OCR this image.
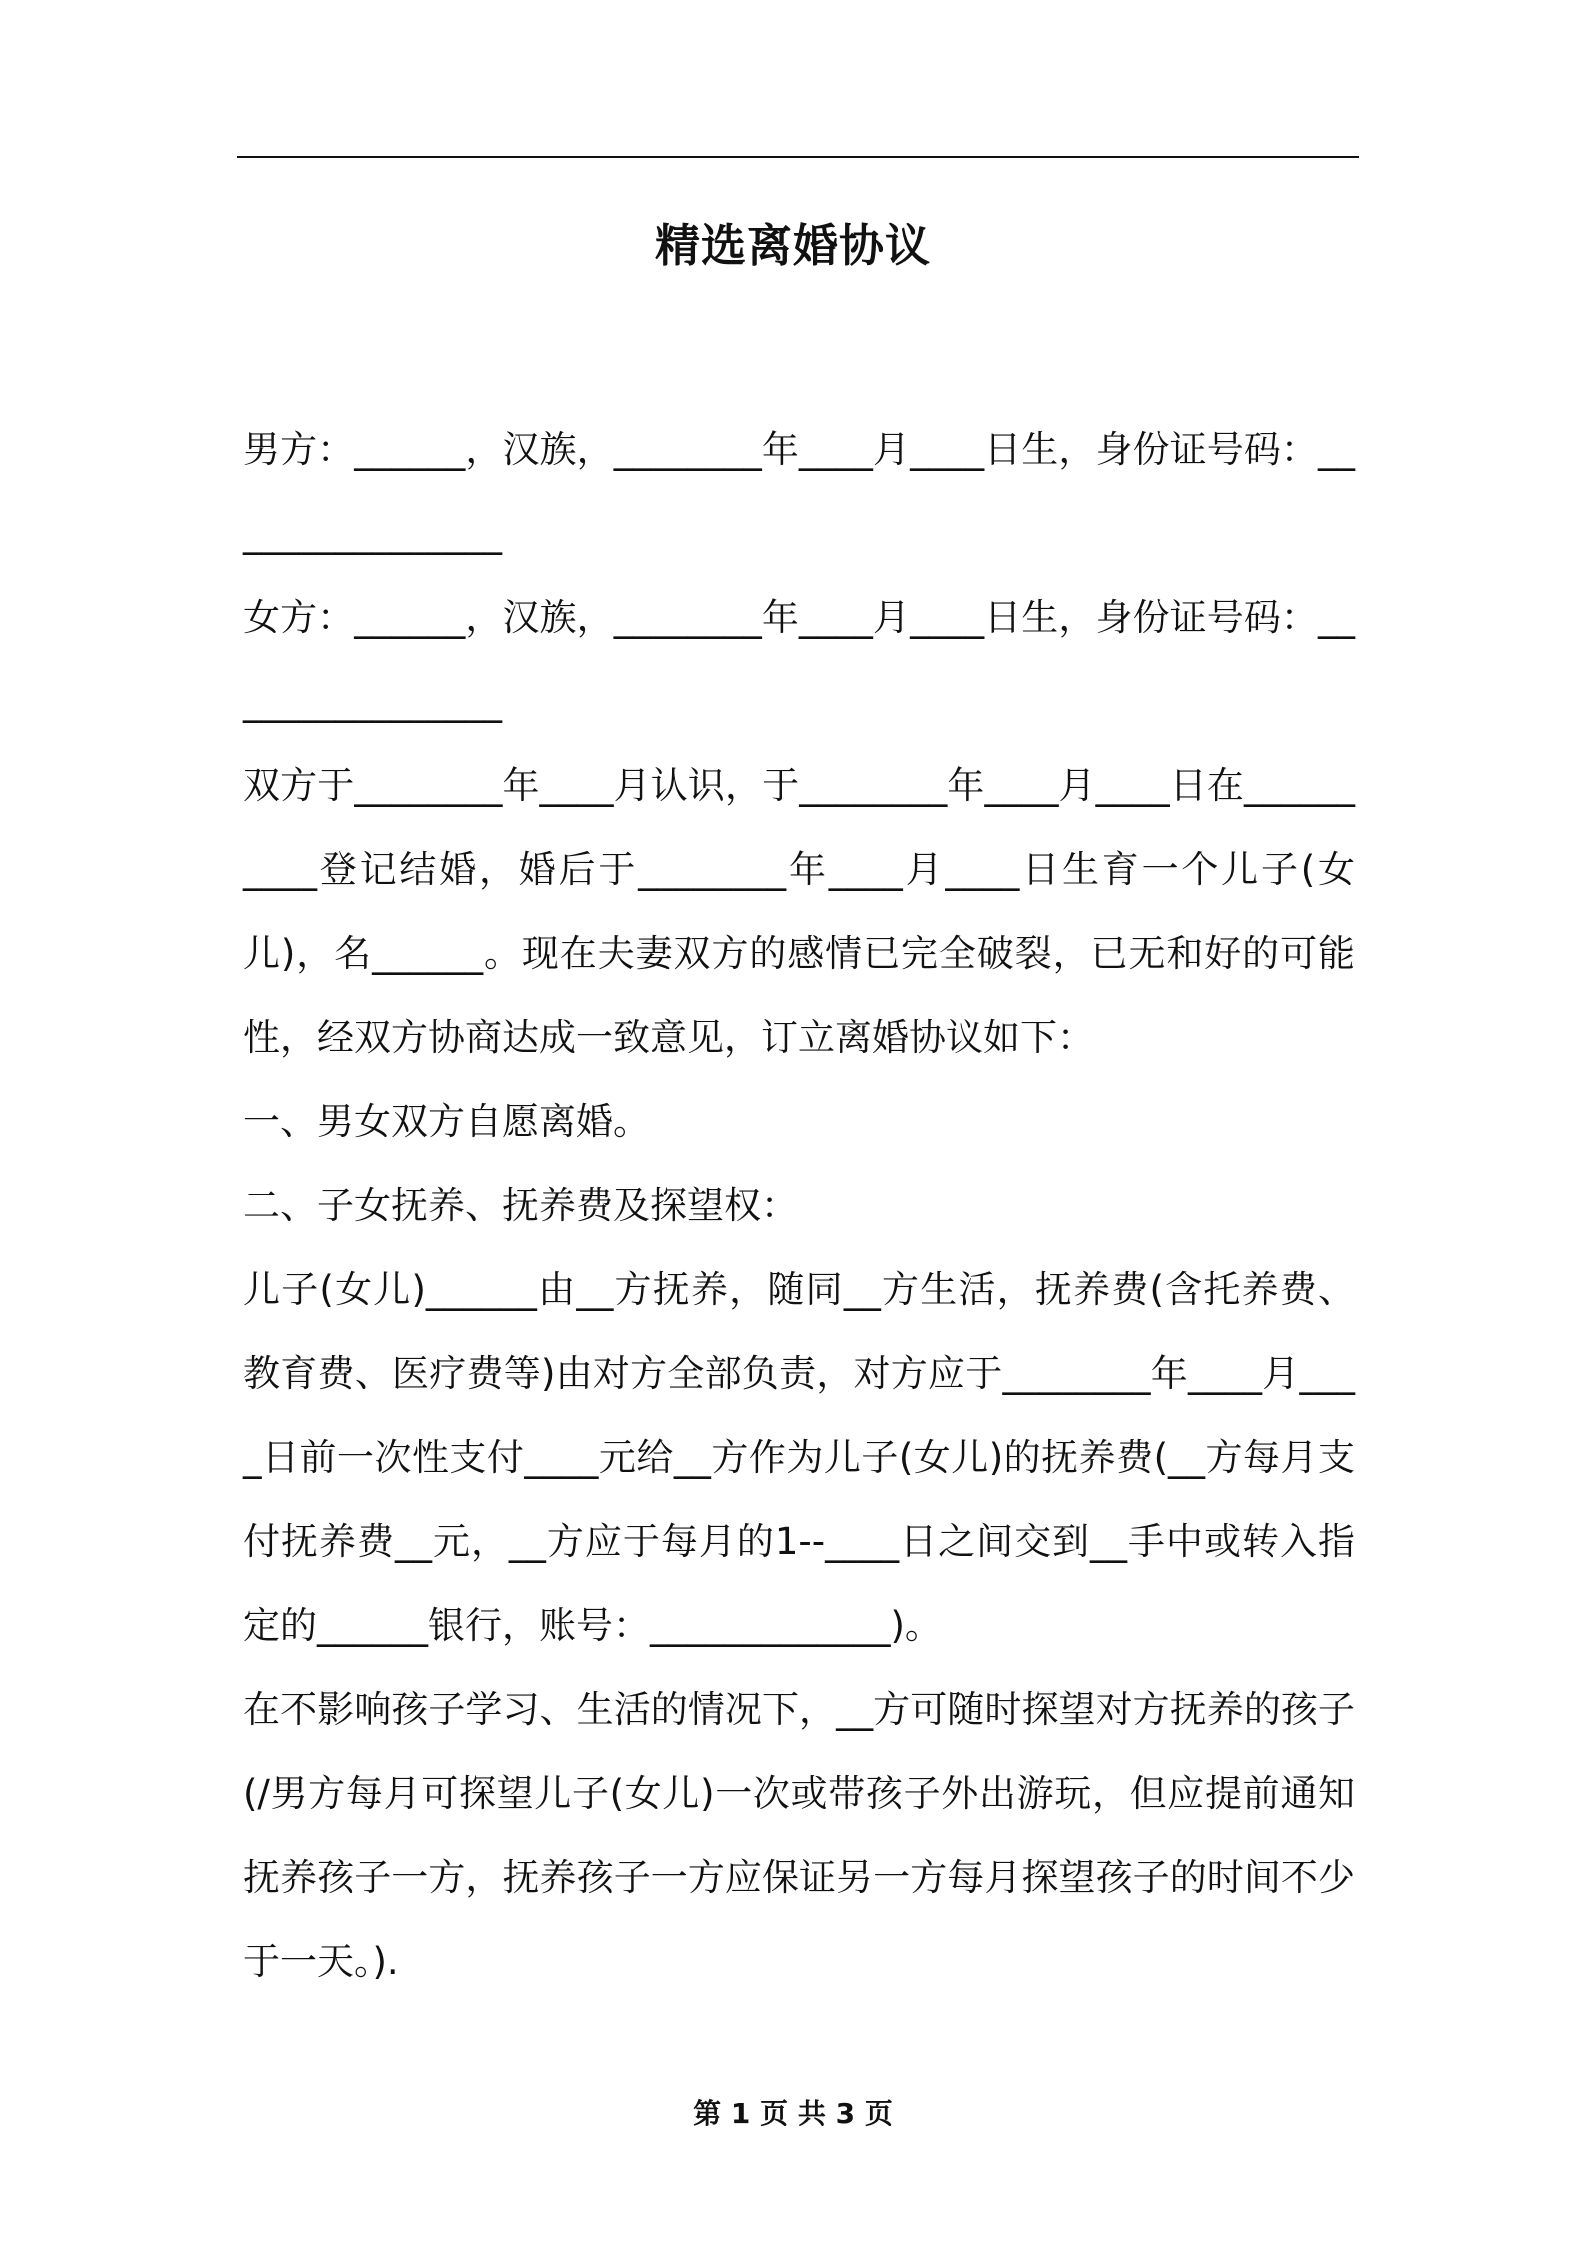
精选离婚协议

男方：______，汉族，________年____月____日生，身份证号码：________________

女方：______，汉族，________年____月____日生，身份证号码：________________

双方于________年____月认识，于________年____月____日在__________登记结婚，婚后于________年____月____日生育一个儿子(女儿)，名______。现在夫妻双方的感情已完全破裂，已无和好的可能性，经双方协商达成一致意见，订立离婚协议如下：

一、男女双方自愿离婚。

二、子女抚养、抚养费及探望权：

儿子(女儿)______由__方抚养，随同__方生活，抚养费(含托养费、教育费、医疗费等)由对方全部负责，对方应于________年____月____日前一次性支付____元给__方作为儿子(女儿)的抚养费(__方每月支付抚养费__元，__方应于每月的1--____日之间交到__手中或转入指定的______银行，账号：_____________)。

在不影响孩子学习、生活的情况下，__方可随时探望对方抚养的孩子(/男方每月可探望儿子(女儿)一次或带孩子外出游玩，但应提前通知抚养孩子一方，抚养孩子一方应保证另一方每月探望孩子的时间不少于一天。).

第 1 页 共 3 页
